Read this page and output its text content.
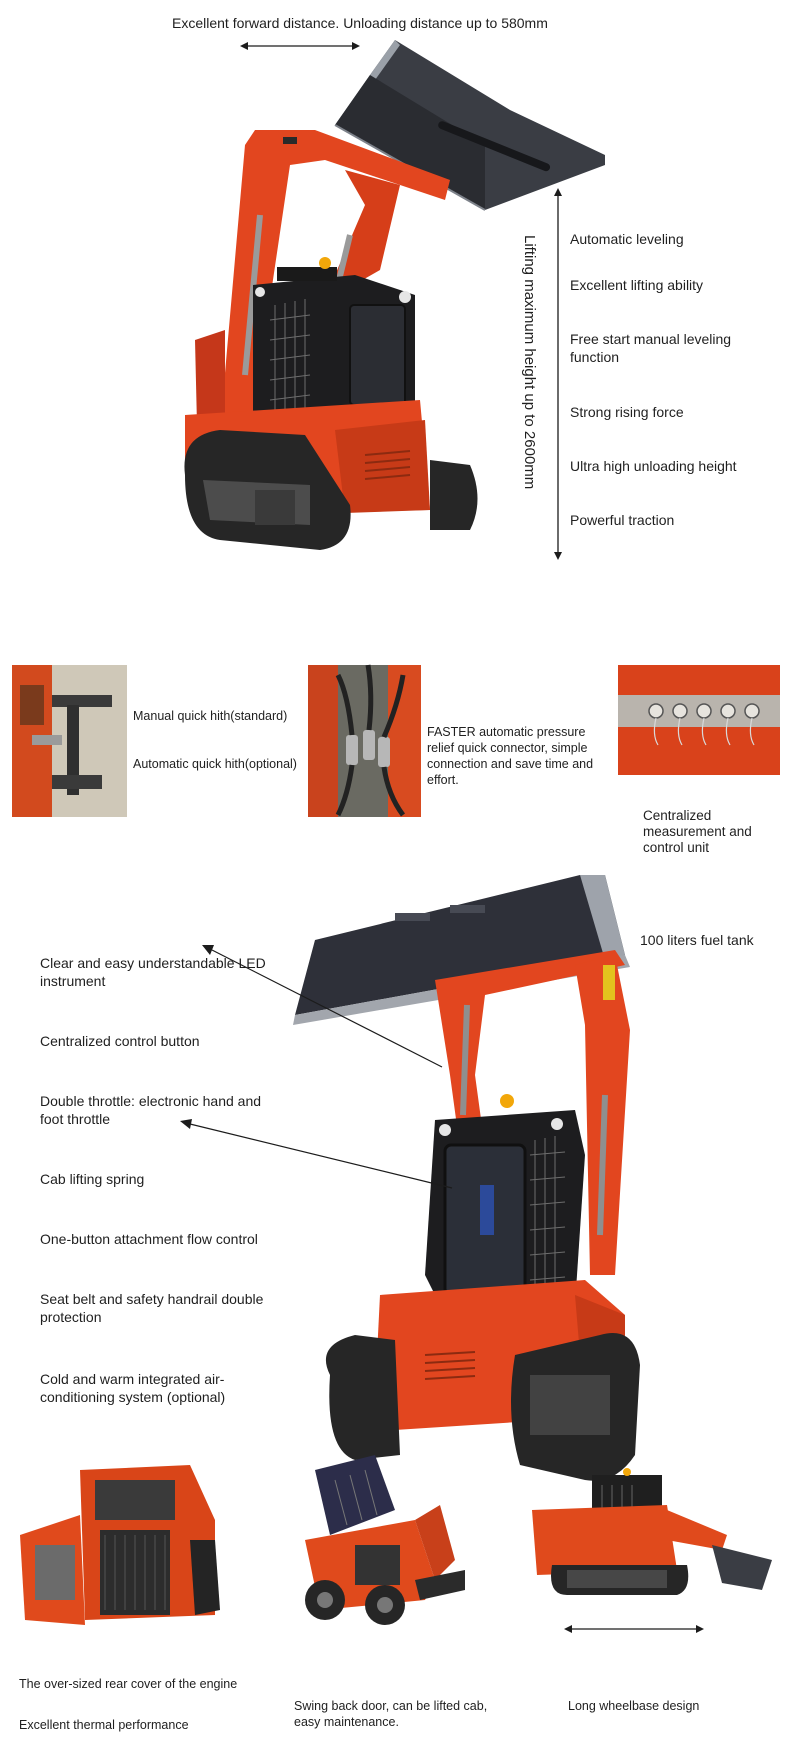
Excellent forward distance. Unloading distance up to 580mm
Lifting maximum height up to 2600mm Automatic leveling
Excellent lifting ability
Free start manual leveling function
Strong rising force
Ultra high unloading height
Powerful traction
Manual quick hith(standard)
Automatic quick hith(optional)
FASTER automatic pressure relief quick connector, simple connection and save time and effort.
Centralized measurement and control unit
100 liters fuel tank
Clear and easy understandable LED instrument
Centralized control button
Double throttle: electronic hand and foot throttle
Cab lifting spring
One-button attachment flow control
Seat belt and safety handrail double protection
Cold and warm integrated air- conditioning system (optional)
The over-sized rear cover of the engine
Excellent thermal performance
Swing back door, can be lifted cab, easy maintenance.
Long wheelbase design
